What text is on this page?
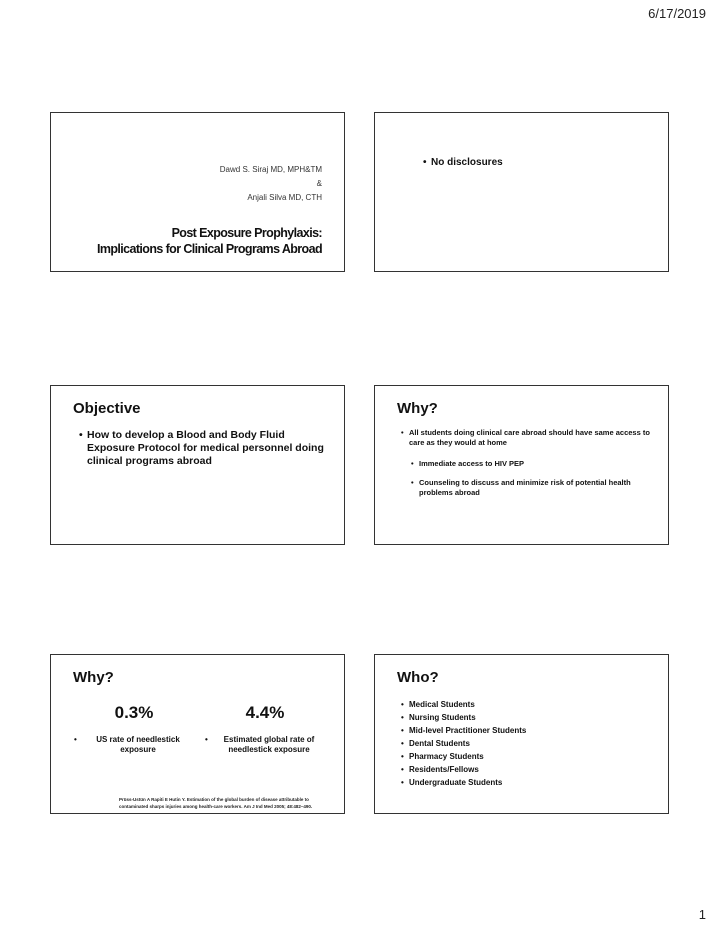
6/17/2019
Dawd S. Siraj MD, MPH&TM
&
Anjali Silva MD, CTH
Post Exposure Prophylaxis:
Implications for Clinical Programs Abroad
• No disclosures
Objective
• How to develop a Blood and Body Fluid Exposure Protocol for medical personnel doing clinical programs abroad
Why?
• All students doing clinical care abroad should have same access to care as they would at home
• Immediate access to HIV PEP
• Counseling to discuss and minimize risk of potential health problems abroad
Why?
0.3%
• US rate of needlestick exposure
4.4%
• Estimated global rate of needlestick exposure
Prüss-Ustün A Rapiti E Hutin Y. Estimation of the global burden of disease attributable to
contaminated sharps injuries among health-care workers. Am J Ind Med 2005; 48:482–490.
Who?
• Medical Students
• Nursing Students
• Mid-level Practitioner Students
• Dental Students
• Pharmacy Students
• Residents/Fellows
• Undergraduate Students
1
